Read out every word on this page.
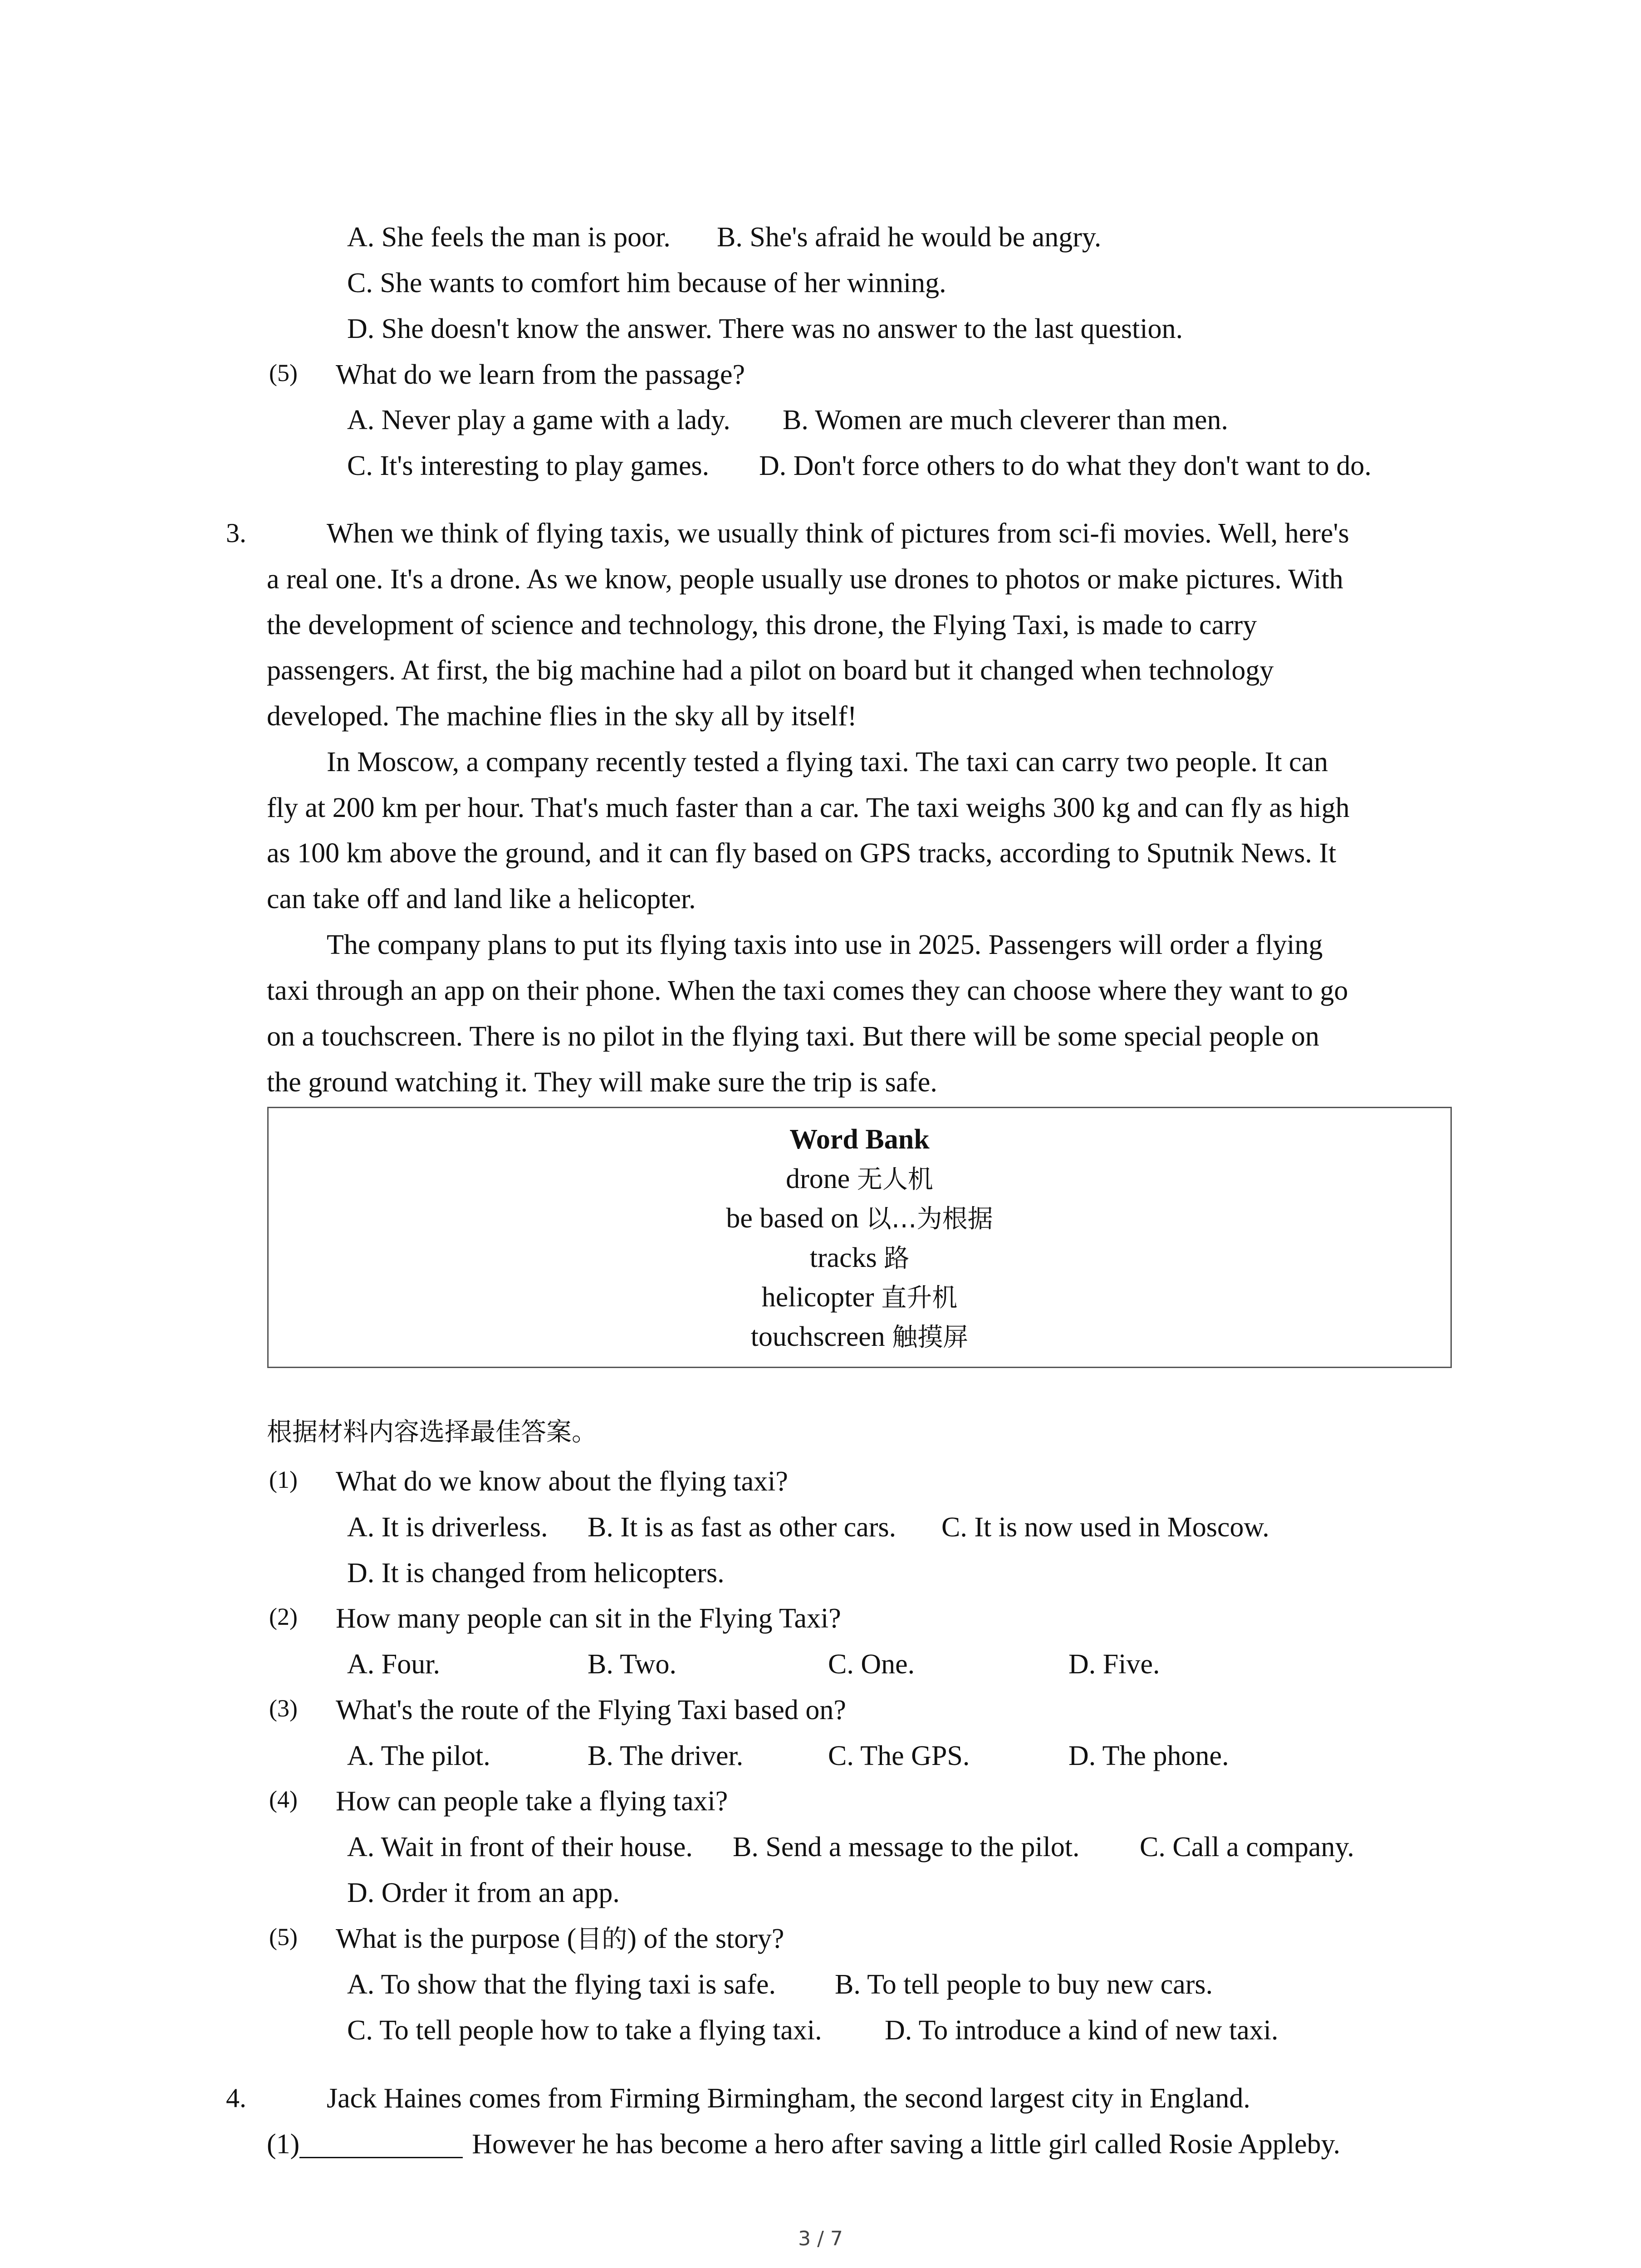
A. She feels the man is poor. B. She's afraid he would be angry.
C. She wants to comfort him because of her winning.
D. She doesn't know the answer. There was no answer to the last question.
(5) What do we learn from the passage?
A. Never play a game with a lady. B. Women are much cleverer than men.
C. It's interesting to play games. D. Don't force others to do what they don't want to do.
3.	When we think of flying taxis, we usually think of pictures from sci-fi movies. Well, here's
a real one. It's a drone. As we know, people usually use drones to photos or make pictures. With
the development of science and technology, this drone, the Flying Taxi, is made to carry
passengers. At first, the big machine had a pilot on board but it changed when technology
developed. The machine flies in the sky all by itself!
In Moscow, a company recently tested a flying taxi. The taxi can carry two people. It can
fly at 200 km per hour. That's much faster than a car. The taxi weighs 300 kg and can fly as high
as 100 km above the ground, and it can fly based on GPS tracks, according to Sputnik News. It
can take off and land like a helicopter.
The company plans to put its flying taxis into use in 2025. Passengers will order a flying
taxi through an app on their phone. When the taxi comes they can choose where they want to go
on a touchscreen. There is no pilot in the flying taxi. But there will be some special people on
the ground watching it. They will make sure the trip is safe.
Word Bank
drone 无人机
be based on 以…为根据
tracks 路
helicopter 直升机
touchscreen 触摸屏
根据材料内容选择最佳答案。
(1) What do we know about the flying taxi?
A. It is driverless. B. It is as fast as other cars. C. It is now used in Moscow.
D. It is changed from helicopters.
(2) How many people can sit in the Flying Taxi?
A. Four.	B. Two.	C. One.	D. Five.
(3) What's the route of the Flying Taxi based on?
A. The pilot.	B. The driver.	C. The GPS.	D. The phone.
(4) How can people take a flying taxi?
A. Wait in front of their house. B. Send a message to the pilot. C. Call a company.
D. Order it from an app.
(5) What is the purpose (目的) of the story?
A. To show that the flying taxi is safe. B. To tell people to buy new cars.
C. To tell people how to take a flying taxi. D. To introduce a kind of new taxi.
4.	Jack Haines comes from Firming Birmingham, the second largest city in England.
(1)	However he has become a hero after saving a little girl called Rosie Appleby.
3 / 7
